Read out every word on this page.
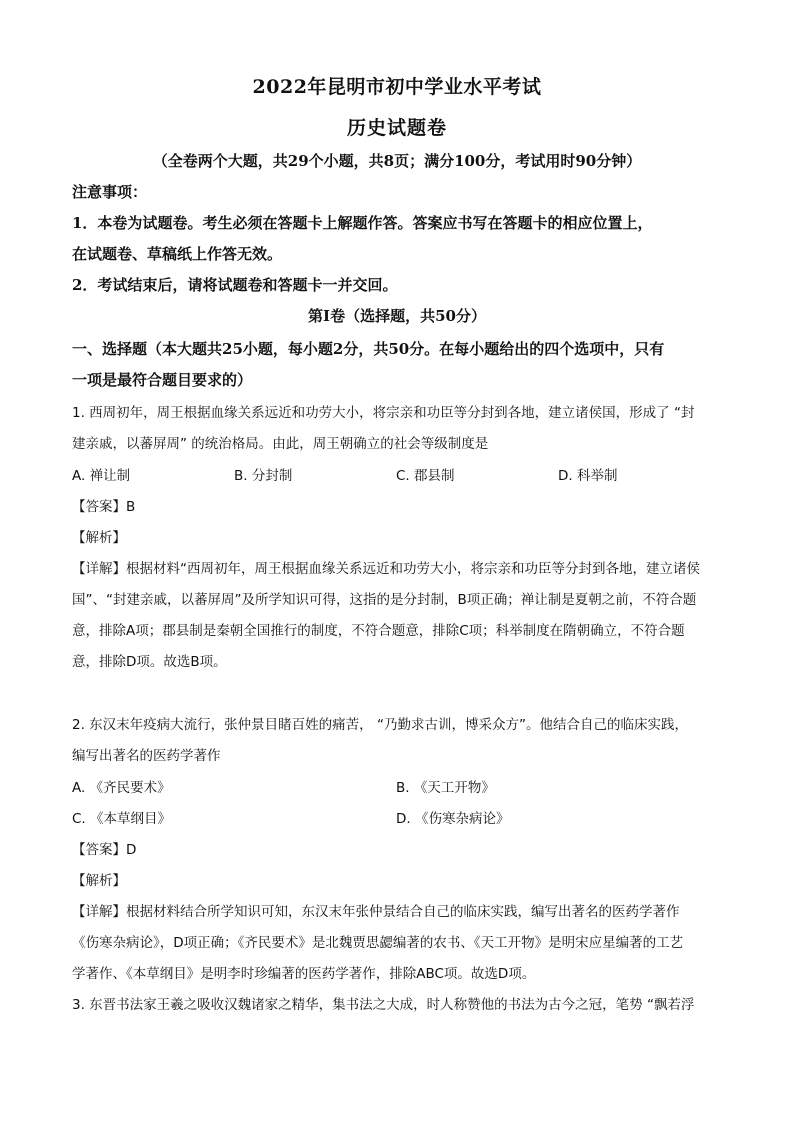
2022年昆明市初中学业水平考试
历史试题卷
（全卷两个大题，共29个小题，共8页；满分100分，考试用时90分钟）
注意事项：
1．本卷为试题卷。考生必须在答题卡上解题作答。答案应书写在答题卡的相应位置上，
在试题卷、草稿纸上作答无效。
2．考试结束后，请将试题卷和答题卡一并交回。
第Ⅰ卷（选择题，共50分）
一、选择题（本大题共25小题，每小题2分，共50分。在每小题给出的四个选项中，只有
一项是最符合题目要求的）
1. 西周初年，周王根据血缘关系远近和功劳大小，将宗亲和功臣等分封到各地，建立诸侯国，形成了 “封
建亲戚，以蕃屏周” 的统治格局。由此，周王朝确立的社会等级制度是
A. 禅让制	B. 分封制	C. 郡县制	D. 科举制
【答案】B
【解析】
【详解】根据材料“西周初年，周王根据血缘关系远近和功劳大小，将宗亲和功臣等分封到各地，建立诸侯
国”、“封建亲戚，以蕃屏周”及所学知识可得，这指的是分封制，B项正确；禅让制是夏朝之前，不符合题
意，排除A项；郡县制是秦朝全国推行的制度，不符合题意，排除C项；科举制度在隋朝确立，不符合题
意，排除D项。故选B项。
2. 东汉末年疫病大流行，张仲景目睹百姓的痛苦， “乃勤求古训，博采众方”。他结合自己的临床实践，
编写出著名的医药学著作
A. 《齐民要术》	B. 《天工开物》
C. 《本草纲目》	D. 《伤寒杂病论》
【答案】D
【解析】
【详解】根据材料结合所学知识可知，东汉末年张仲景结合自己的临床实践，编写出著名的医药学著作
《伤寒杂病论》，D项正确；《齐民要术》是北魏贾思勰编著的农书、《天工开物》是明宋应星编著的工艺
学著作、《本草纲目》是明李时珍编著的医药学著作，排除ABC项。故选D项。
3. 东晋书法家王羲之吸收汉魏诸家之精华，集书法之大成，时人称赞他的书法为古今之冠，笔势 “飘若浮
